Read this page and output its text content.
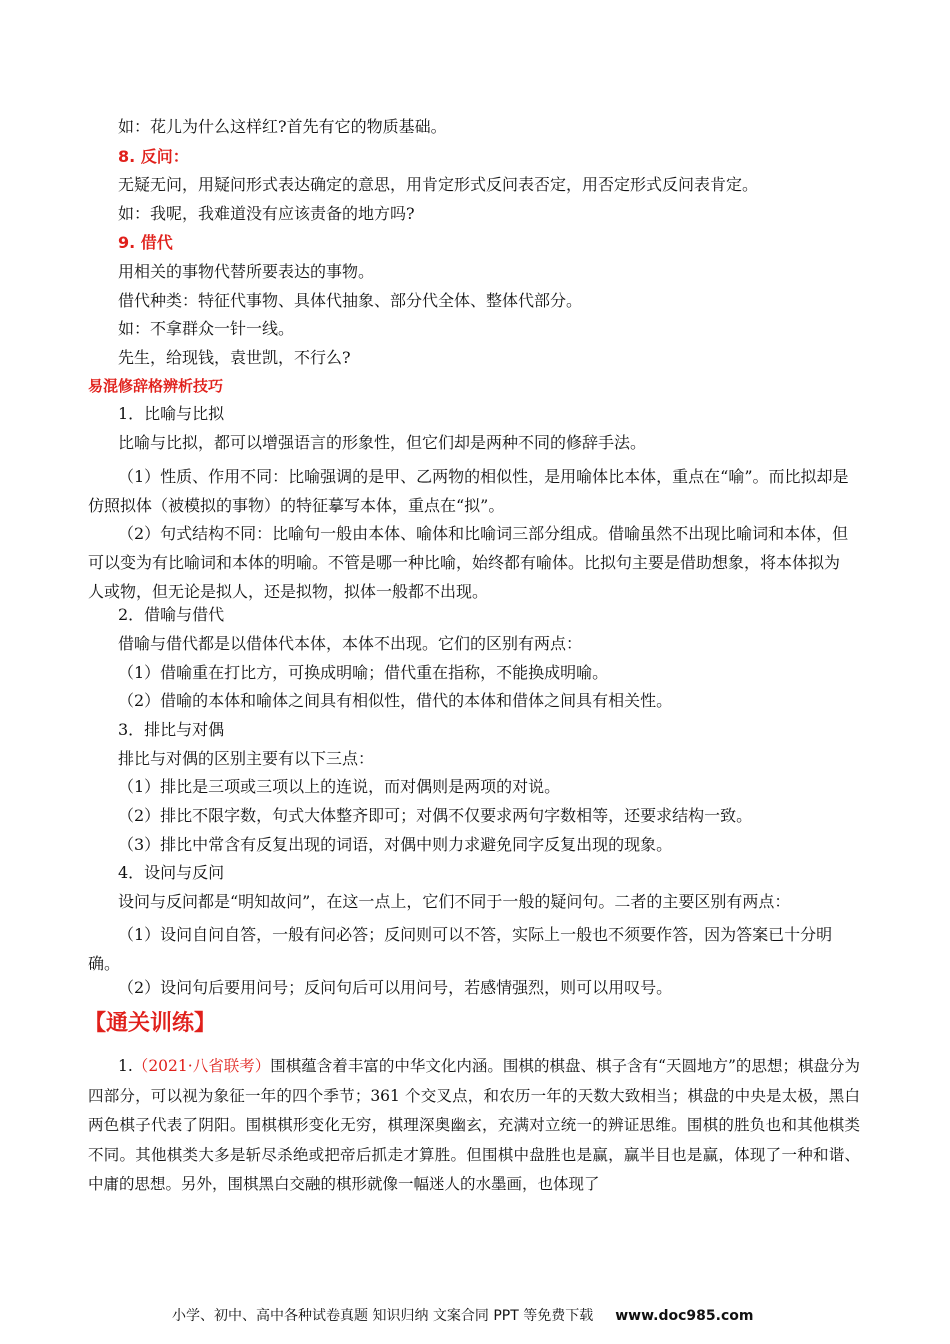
如：花儿为什么这样红?首先有它的物质基础。
8. 反问：
无疑无问，用疑问形式表达确定的意思，用肯定形式反问表否定，用否定形式反问表肯定。
如：我呢，我难道没有应该责备的地方吗?
9. 借代
用相关的事物代替所要表达的事物。
借代种类：特征代事物、具体代抽象、部分代全体、整体代部分。
如：不拿群众一针一线。
先生，给现钱，袁世凯，不行么?
易混修辞格辨析技巧
1．比喻与比拟
比喻与比拟，都可以增强语言的形象性，但它们却是两种不同的修辞手法。
（1）性质、作用不同：比喻强调的是甲、乙两物的相似性，是用喻体比本体，重点在“喻”。而比拟却是仿照拟体（被模拟的事物）的特征摹写本体，重点在“拟”。
（2）句式结构不同：比喻句一般由本体、喻体和比喻词三部分组成。借喻虽然不出现比喻词和本体，但可以变为有比喻词和本体的明喻。不管是哪一种比喻，始终都有喻体。比拟句主要是借助想象，将本体拟为人或物，但无论是拟人，还是拟物，拟体一般都不出现。
2．借喻与借代
借喻与借代都是以借体代本体，本体不出现。它们的区别有两点：
（1）借喻重在打比方，可换成明喻；借代重在指称，不能换成明喻。
（2）借喻的本体和喻体之间具有相似性，借代的本体和借体之间具有相关性。
3．排比与对偶
排比与对偶的区别主要有以下三点：
（1）排比是三项或三项以上的连说，而对偶则是两项的对说。
（2）排比不限字数，句式大体整齐即可；对偶不仅要求两句字数相等，还要求结构一致。
（3）排比中常含有反复出现的词语，对偶中则力求避免同字反复出现的现象。
4．设问与反问
设问与反问都是“明知故问”，在这一点上，它们不同于一般的疑问句。二者的主要区别有两点：
（1）设问自问自答，一般有问必答；反问则可以不答，实际上一般也不须要作答，因为答案已十分明确。
（2）设问句后要用问号；反问句后可以用问号，若感情强烈，则可以用叹号。
【通关训练】
1.（2021·八省联考）围棋蕴含着丰富的中华文化内涵。围棋的棋盘、棋子含有“天圆地方”的思想；棋盘分为四部分，可以视为象征一年的四个季节；361 个交叉点，和农历一年的天数大致相当；棋盘的中央是太极，黑白两色棋子代表了阴阳。围棋棋形变化无穷，棋理深奥幽玄，充满对立统一的辨证思维。围棋的胜负也和其他棋类不同。其他棋类大多是斩尽杀绝或把帝后抓走才算胜。但围棋中盘胜也是赢，赢半目也是赢，体现了一种和谐、中庸的思想。另外，围棋黑白交融的棋形就像一幅迷人的水墨画，也体现了
小学、初中、高中各种试卷真题 知识归纳 文案合同 PPT 等免费下载 www.doc985.com
